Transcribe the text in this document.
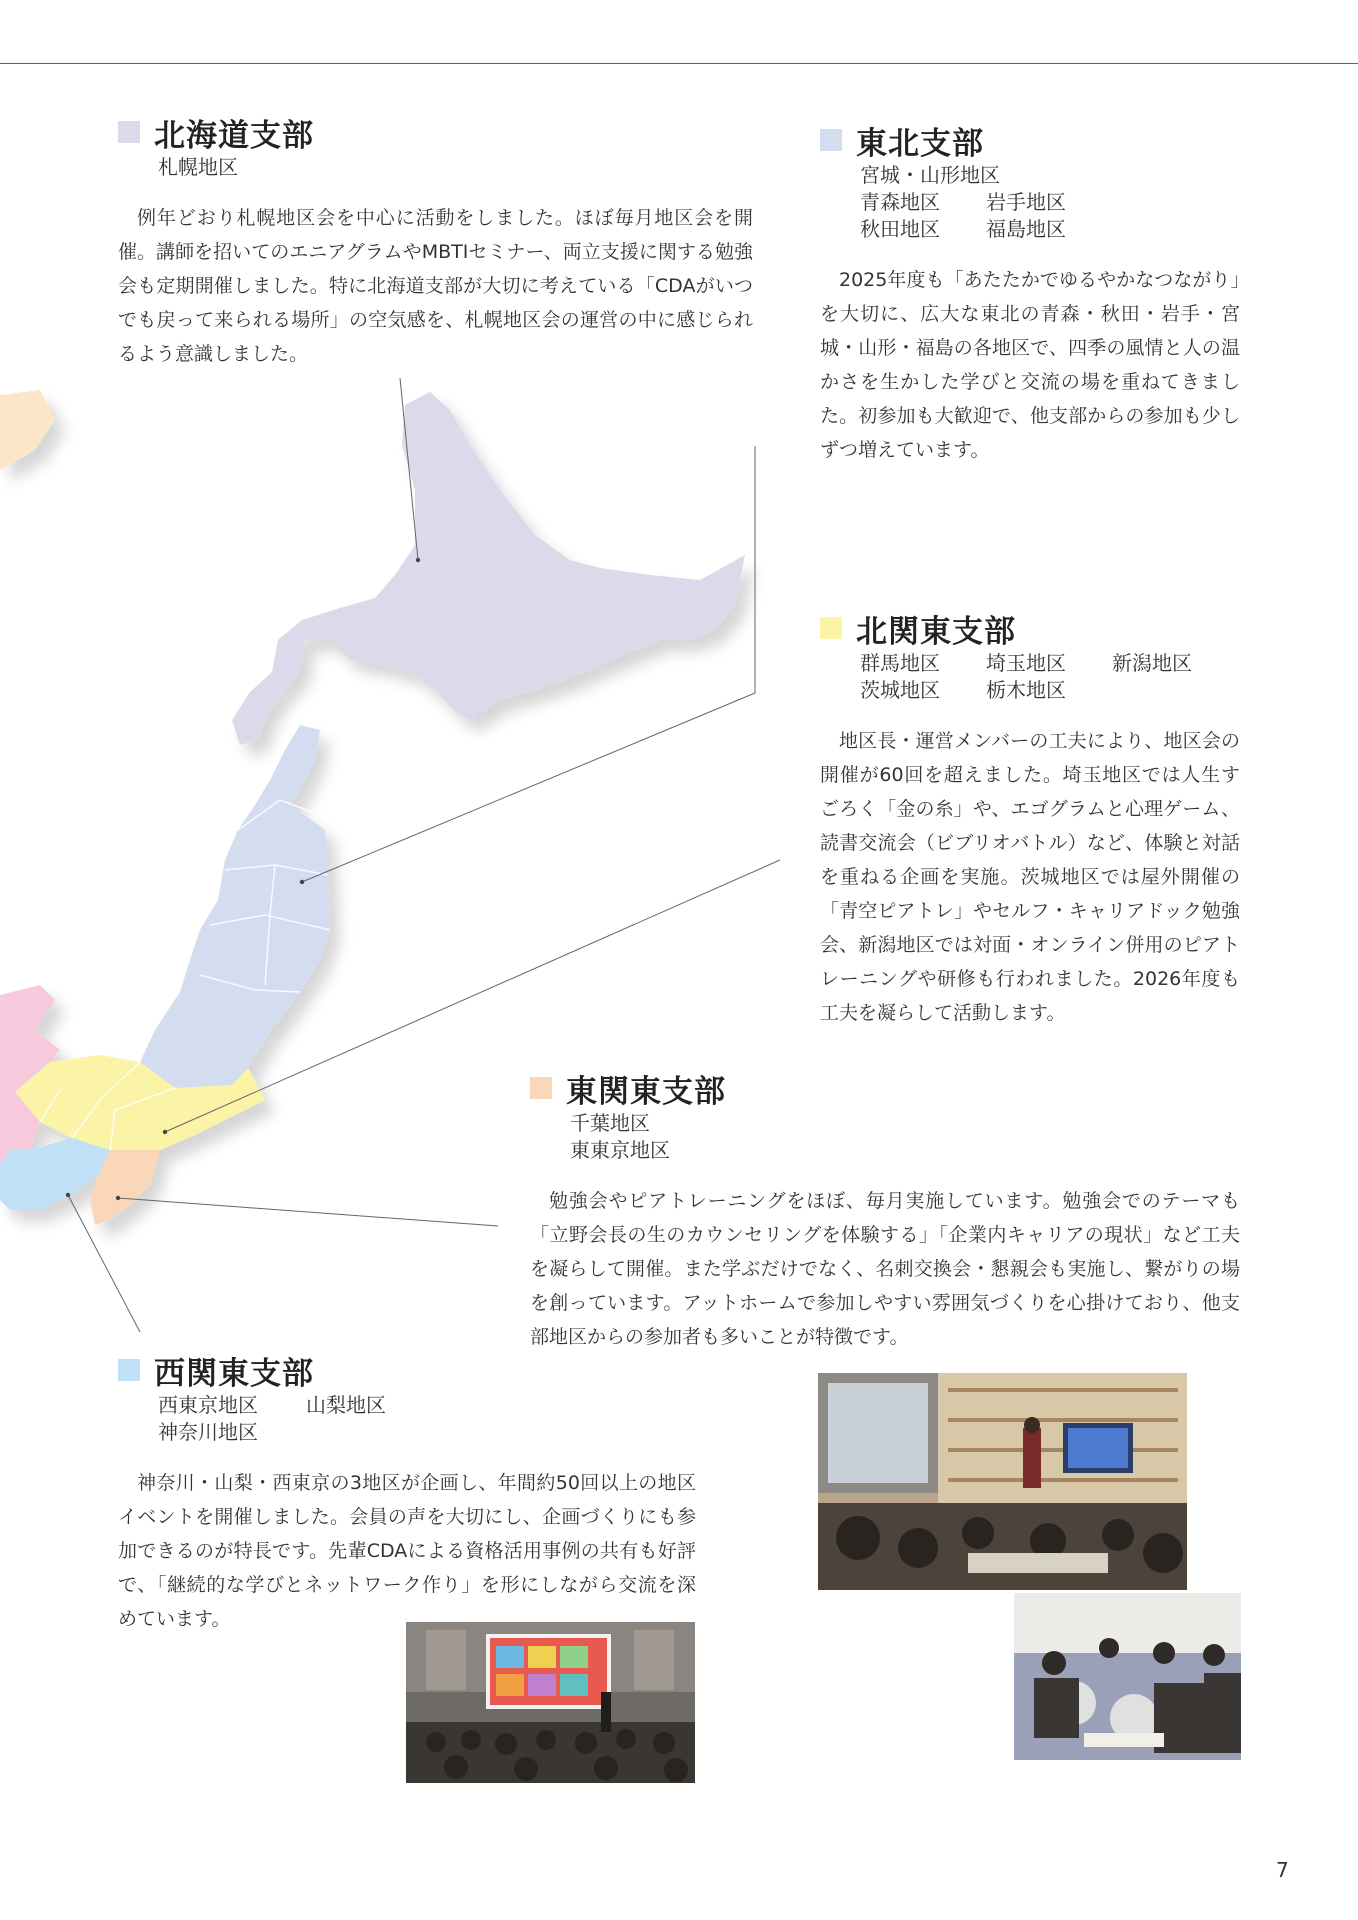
北海道支部
札幌地区
例年どおり札幌地区会を中心に活動をしました。ほぼ毎月地区会を開催。講師を招いてのエニアグラムやMBTIセミナー、両立支援に関する勉強会も定期開催しました。特に北海道支部が大切に考えている「CDAがいつでも戻って来られる場所」の空気感を、札幌地区会の運営の中に感じられるよう意識しました。
東北支部
宮城・山形地区
青森地区 岩手地区
秋田地区 福島地区
2025年度も「あたたかでゆるやかなつながり」を大切に、広大な東北の青森・秋田・岩手・宮城・山形・福島の各地区で、四季の風情と人の温かさを生かした学びと交流の場を重ねてきました。初参加も大歓迎で、他支部からの参加も少しずつ増えています。
北関東支部
群馬地区 埼玉地区 新潟地区
茨城地区 栃木地区
地区長・運営メンバーの工夫により、地区会の開催が60回を超えました。埼玉地区では人生すごろく「金の糸」や、エゴグラムと心理ゲーム、読書交流会（ビブリオバトル）など、体験と対話を重ねる企画を実施。茨城地区では屋外開催の「青空ピアトレ」やセルフ・キャリアドック勉強会、新潟地区では対面・オンライン併用のピアトレーニングや研修も行われました。2026年度も工夫を凝らして活動します。
東関東支部
千葉地区
東東京地区
勉強会やピアトレーニングをほぼ、毎月実施しています。勉強会でのテーマも「立野会長の生のカウンセリングを体験する」「企業内キャリアの現状」など工夫を凝らして開催。また学ぶだけでなく、名刺交換会・懇親会も実施し、繋がりの場を創っています。アットホームで参加しやすい雰囲気づくりを心掛けており、他支部地区からの参加者も多いことが特徴です。
西関東支部
西東京地区 山梨地区
神奈川地区
神奈川・山梨・西東京の3地区が企画し、年間約50回以上の地区イベントを開催しました。会員の声を大切にし、企画づくりにも参加できるのが特長です。先輩CDAによる資格活用事例の共有も好評で、「継続的な学びとネットワーク作り」を形にしながら交流を深めています。
7
